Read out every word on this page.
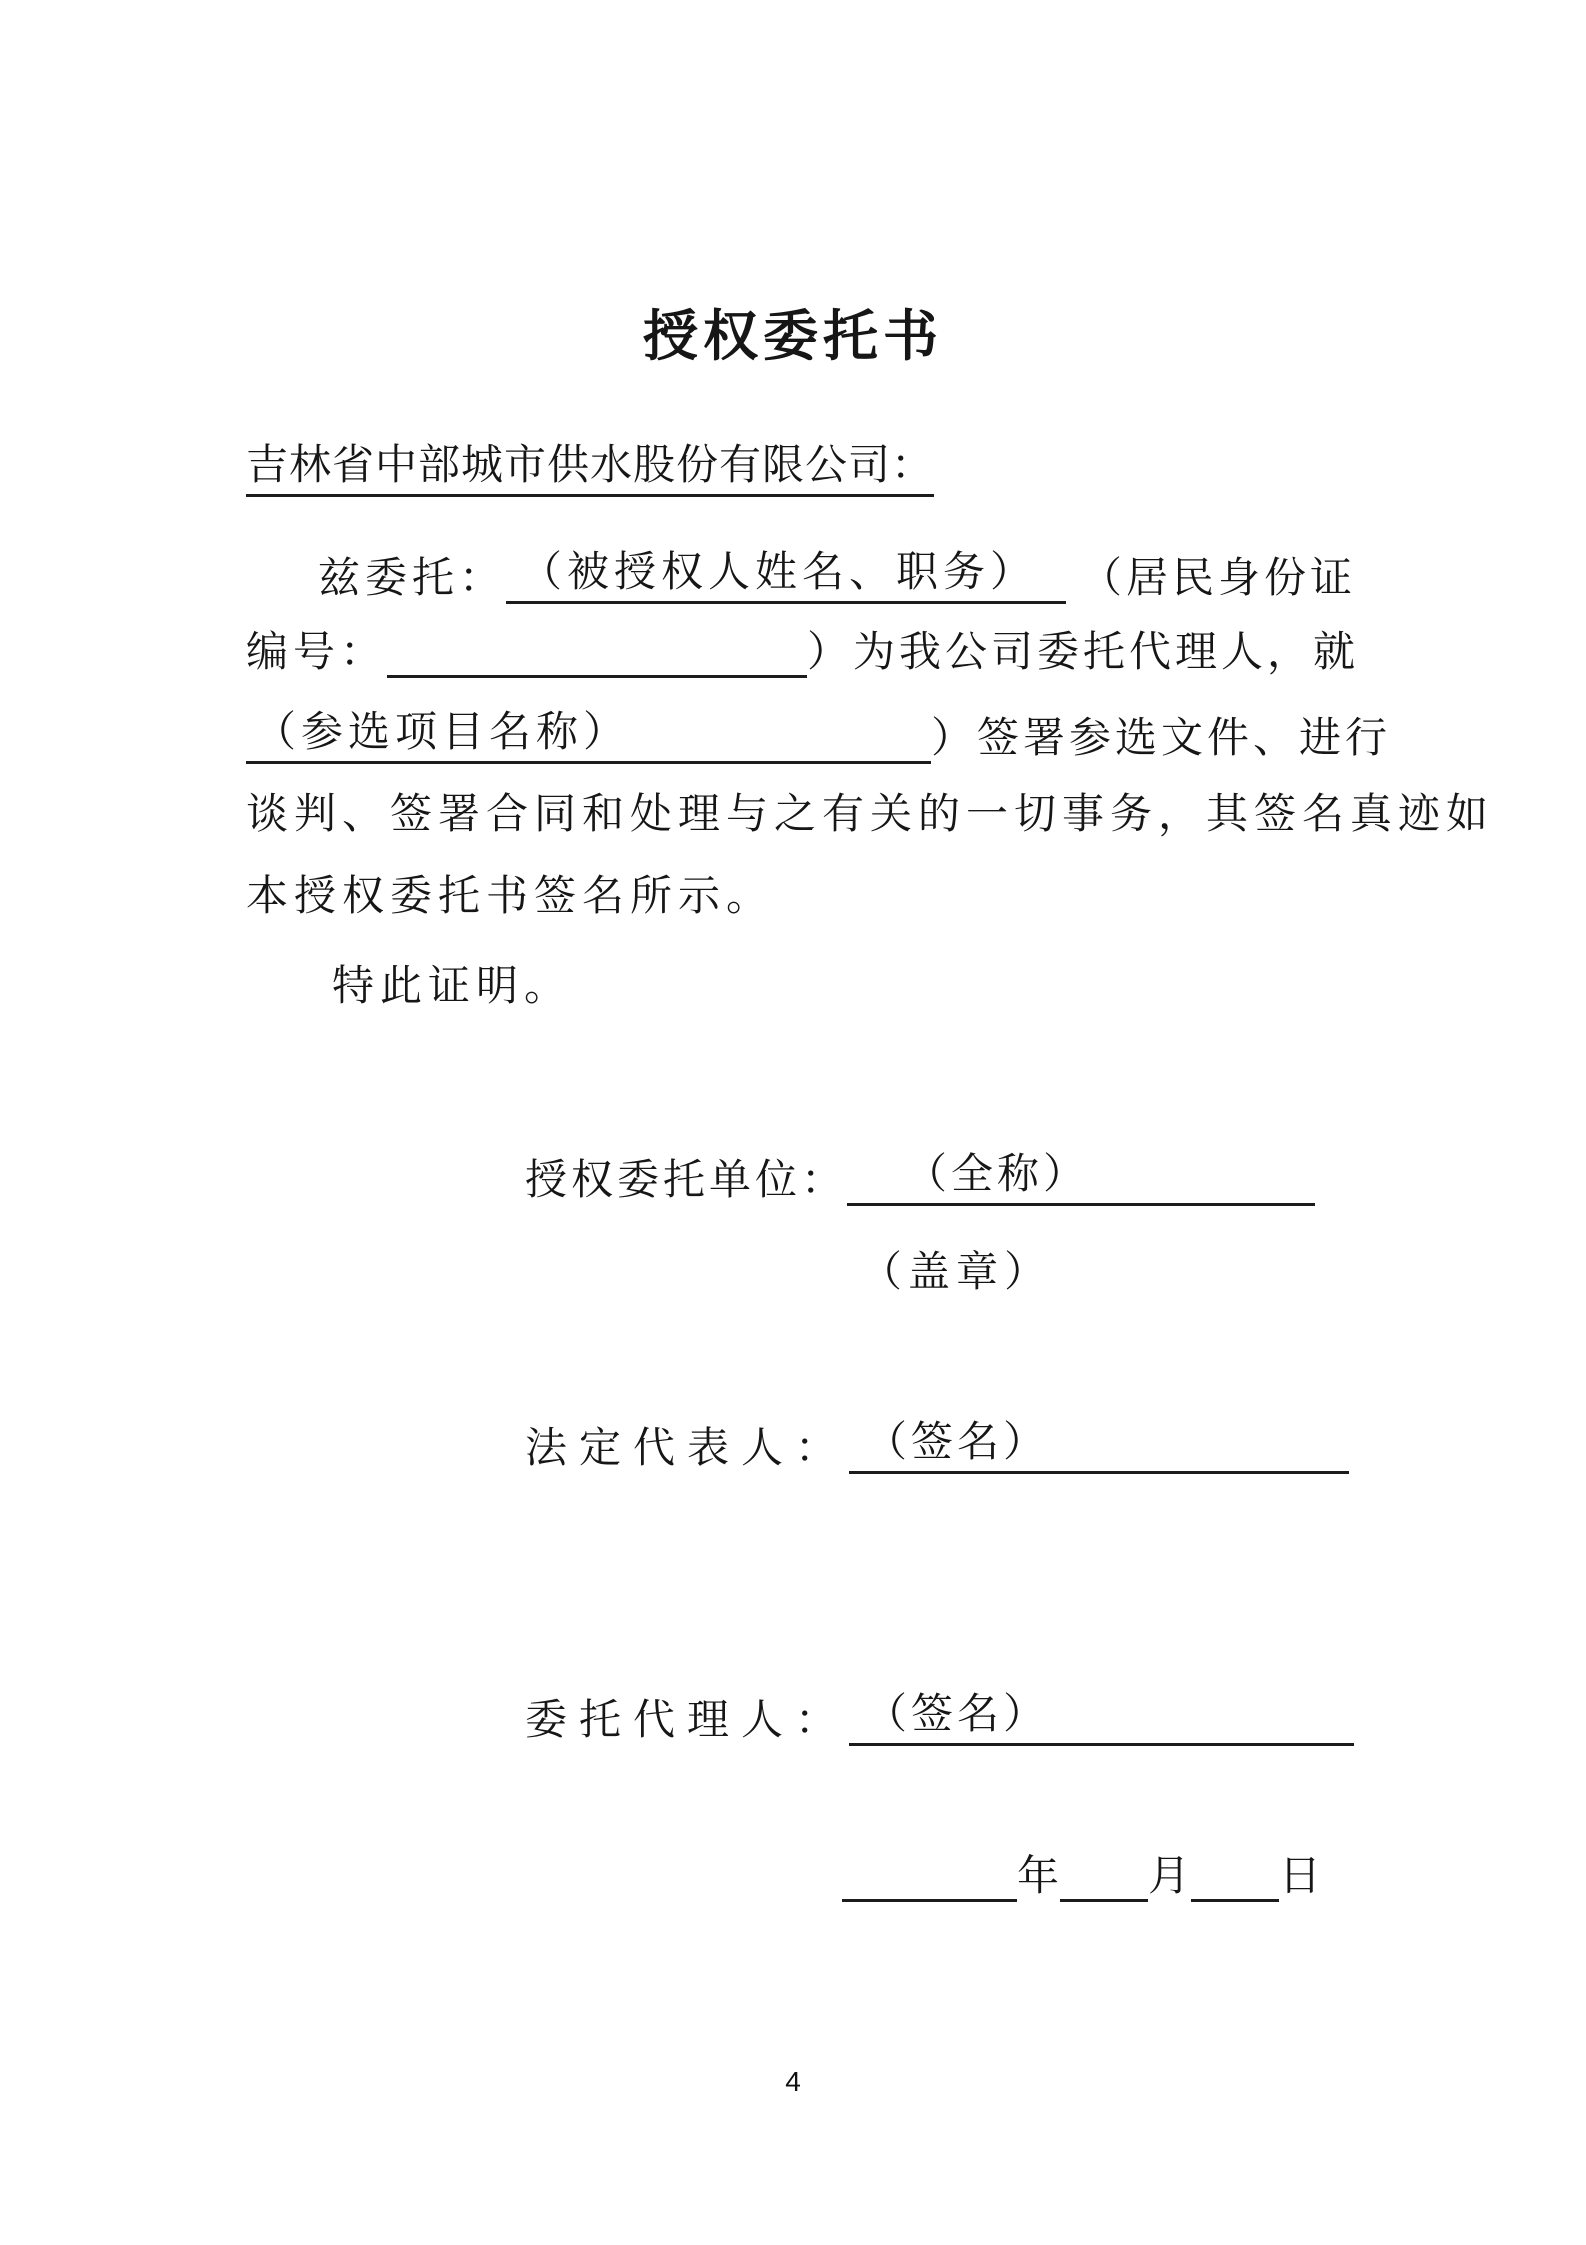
授权委托书
吉林省中部城市供水股份有限公司：
兹委托： （被授权人姓名、职务） （居民身份证
编号：	）为我公司委托代理人，就
（参选项目名称）	）签署参选文件、进行
谈判、签署合同和处理与之有关的一切事务，其签名真迹如
本授权委托书签名所示。
特此证明。
授权委托单位： （全称）
（盖章）
法定代表人： （签名）
委托代理人： （签名）
年 月 日
4
